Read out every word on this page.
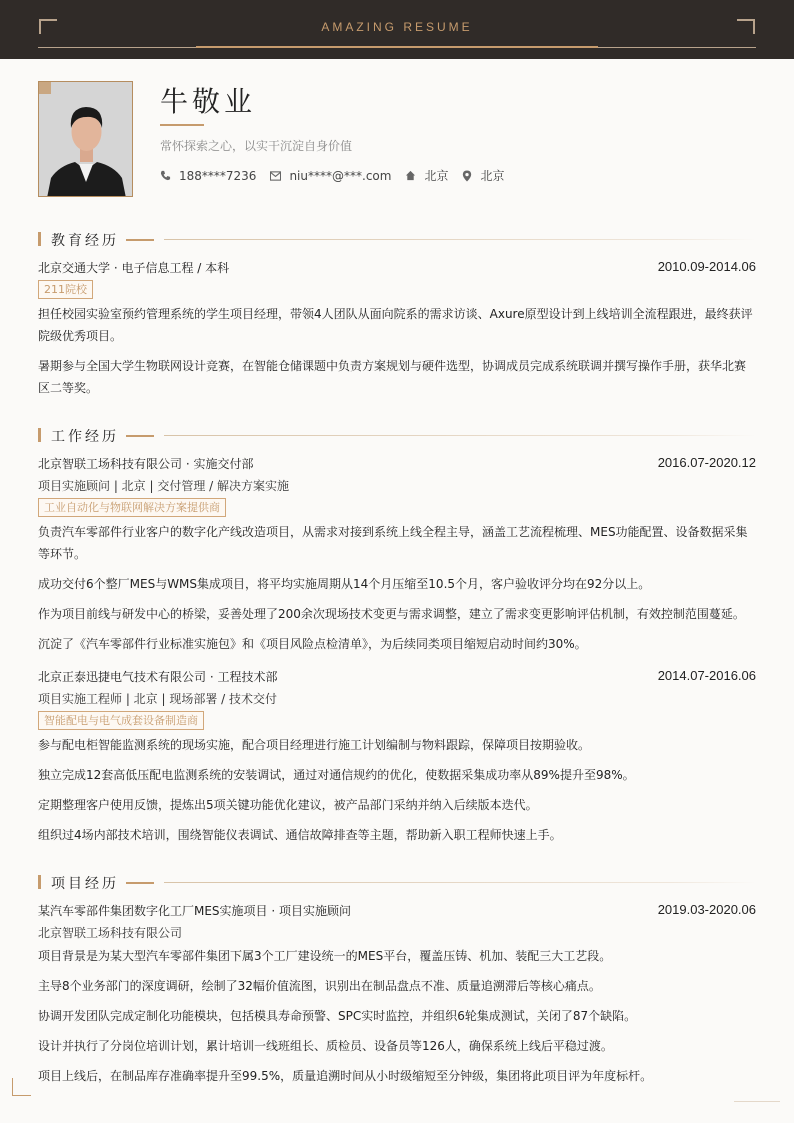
AMAZING RESUME
牛敬业
常怀探索之心，以实干沉淀自身价值
188****7236	niu****@***.com	北京	北京
教育经历
北京交通大学 · 电子信息工程 / 本科	2010.09-2014.06
211院校
担任校园实验室预约管理系统的学生项目经理，带领4人团队从面向院系的需求访谈、Axure原型设计到上线培训全流程跟进，最终获评院级优秀项目。
暑期参与全国大学生物联网设计竞赛，在智能仓储课题中负责方案规划与硬件选型，协调成员完成系统联调并撰写操作手册，获华北赛区二等奖。
工作经历
北京智联工场科技有限公司 · 实施交付部	2016.07-2020.12
项目实施顾问 | 北京 | 交付管理 / 解决方案实施
工业自动化与物联网解决方案提供商
负责汽车零部件行业客户的数字化产线改造项目，从需求对接到系统上线全程主导，涵盖工艺流程梳理、MES功能配置、设备数据采集等环节。
成功交付6个整厂MES与WMS集成项目，将平均实施周期从14个月压缩至10.5个月，客户验收评分均在92分以上。
作为项目前线与研发中心的桥梁，妥善处理了200余次现场技术变更与需求调整，建立了需求变更影响评估机制，有效控制范围蔓延。
沉淀了《汽车零部件行业标准实施包》和《项目风险点检清单》，为后续同类项目缩短启动时间约30%。
北京正泰迅捷电气技术有限公司 · 工程技术部	2014.07-2016.06
项目实施工程师 | 北京 | 现场部署 / 技术交付
智能配电与电气成套设备制造商
参与配电柜智能监测系统的现场实施，配合项目经理进行施工计划编制与物料跟踪，保障项目按期验收。
独立完成12套高低压配电监测系统的安装调试，通过对通信规约的优化，使数据采集成功率从89%提升至98%。
定期整理客户使用反馈，提炼出5项关键功能优化建议，被产品部门采纳并纳入后续版本迭代。
组织过4场内部技术培训，围绕智能仪表调试、通信故障排查等主题，帮助新入职工程师快速上手。
项目经历
某汽车零部件集团数字化工厂MES实施项目 · 项目实施顾问	2019.03-2020.06
北京智联工场科技有限公司
项目背景是为某大型汽车零部件集团下属3个工厂建设统一的MES平台，覆盖压铸、机加、装配三大工艺段。
主导8个业务部门的深度调研，绘制了32幅价值流图，识别出在制品盘点不准、质量追溯滞后等核心痛点。
协调开发团队完成定制化功能模块，包括模具寿命预警、SPC实时监控，并组织6轮集成测试，关闭了87个缺陷。
设计并执行了分岗位培训计划，累计培训一线班组长、质检员、设备员等126人，确保系统上线后平稳过渡。
项目上线后，在制品库存准确率提升至99.5%，质量追溯时间从小时级缩短至分钟级，集团将此项目评为年度标杆。
